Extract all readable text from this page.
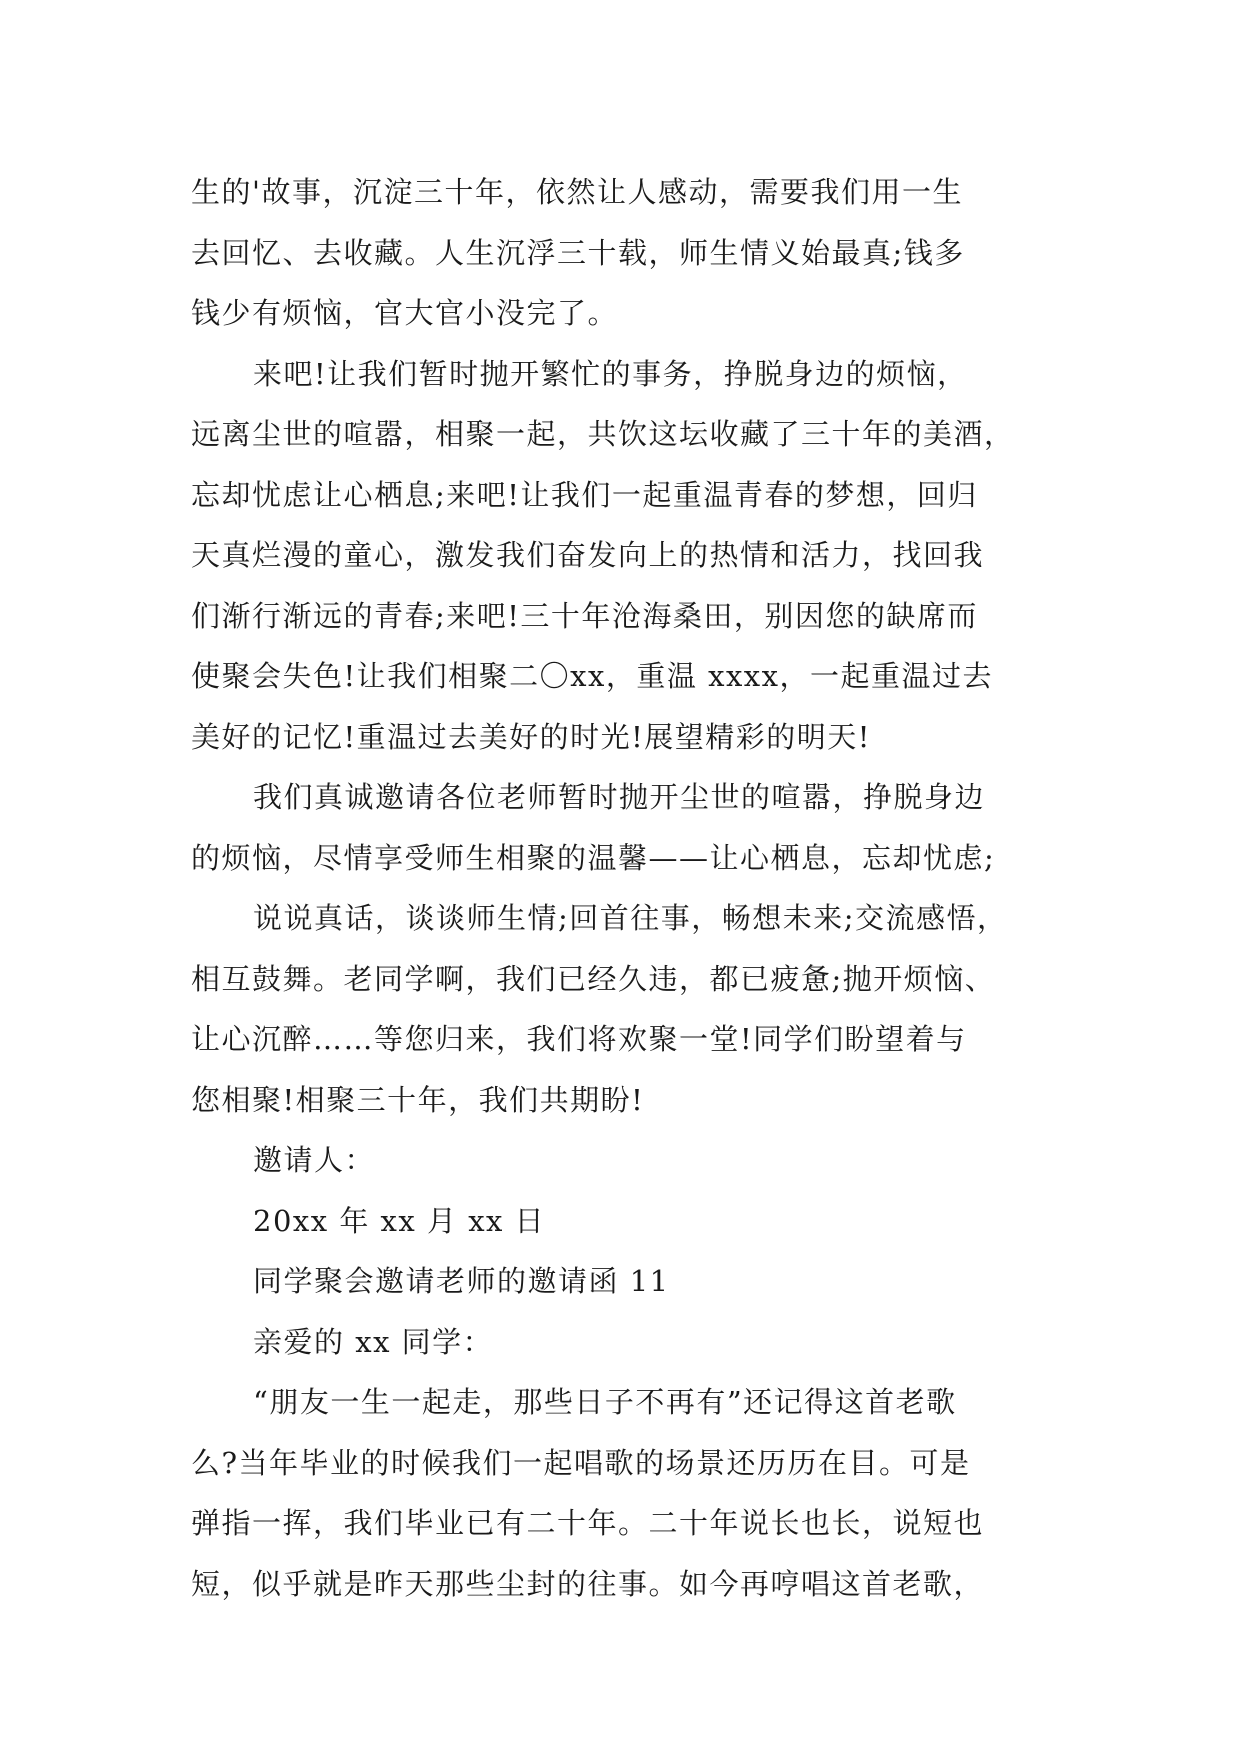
生的'故事，沉淀三十年，依然让人感动，需要我们用一生
去回忆、去收藏。人生沉浮三十载，师生情义始最真;钱多
钱少有烦恼，官大官小没完了。
来吧!让我们暂时抛开繁忙的事务，挣脱身边的烦恼，
远离尘世的喧嚣，相聚一起，共饮这坛收藏了三十年的美酒，
忘却忧虑让心栖息;来吧!让我们一起重温青春的梦想，回归
天真烂漫的童心，激发我们奋发向上的热情和活力，找回我
们渐行渐远的青春;来吧!三十年沧海桑田，别因您的缺席而
使聚会失色!让我们相聚二〇xx，重温 xxxx，一起重温过去
美好的记忆!重温过去美好的时光!展望精彩的明天!
我们真诚邀请各位老师暂时抛开尘世的喧嚣，挣脱身边
的烦恼，尽情享受师生相聚的温馨——让心栖息，忘却忧虑;
说说真话，谈谈师生情;回首往事，畅想未来;交流感悟，
相互鼓舞。老同学啊，我们已经久违，都已疲惫;抛开烦恼、
让心沉醉……等您归来，我们将欢聚一堂!同学们盼望着与
您相聚!相聚三十年，我们共期盼!
邀请人：
20xx 年 xx 月 xx 日
同学聚会邀请老师的邀请函 11
亲爱的 xx 同学：
“朋友一生一起走，那些日子不再有”还记得这首老歌
么?当年毕业的时候我们一起唱歌的场景还历历在目。可是
弹指一挥，我们毕业已有二十年。二十年说长也长，说短也
短，似乎就是昨天那些尘封的往事。如今再哼唱这首老歌，
